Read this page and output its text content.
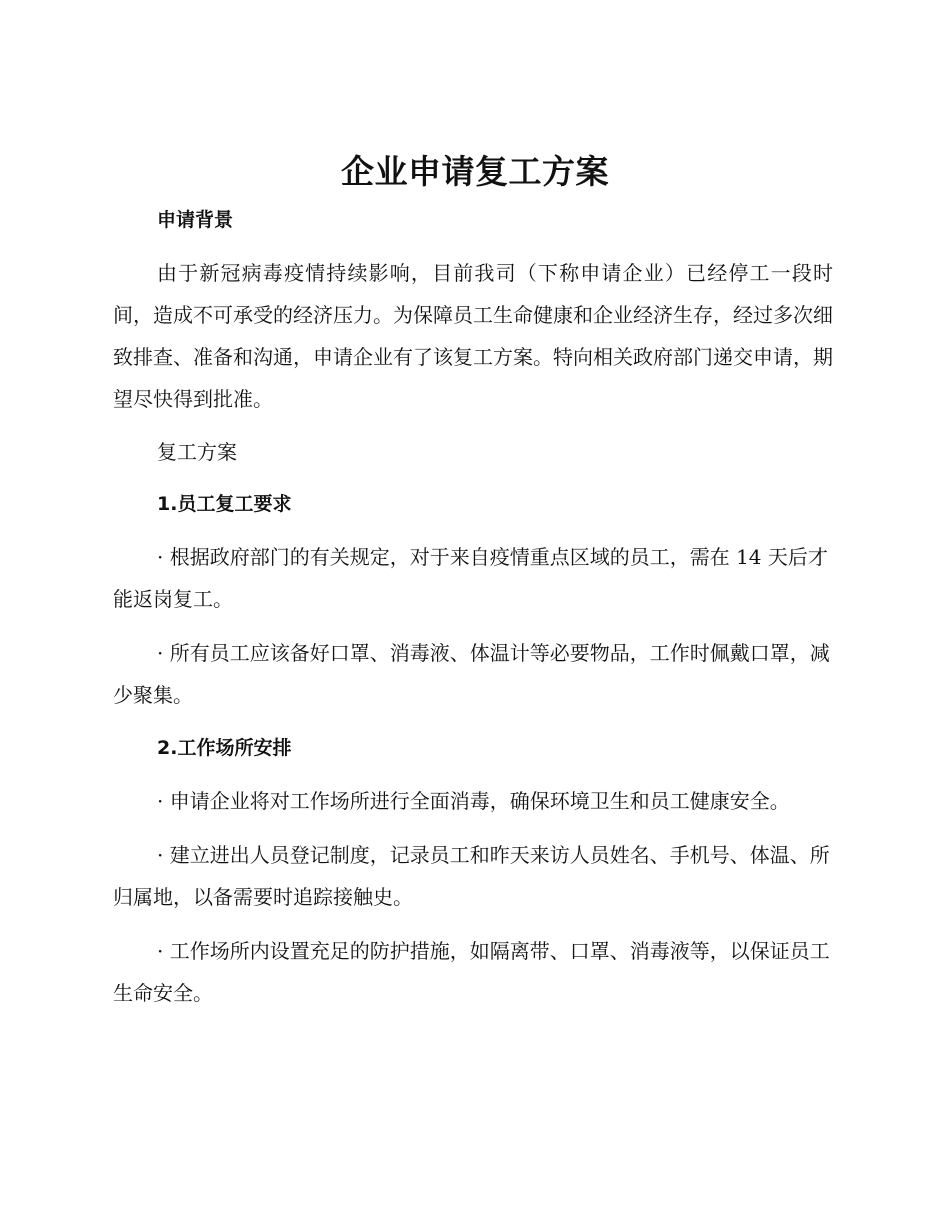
企业申请复工方案
申请背景

由于新冠病毒疫情持续影响，目前我司（下称申请企业）已经停工一段时间，造成不可承受的经济压力。为保障员工生命健康和企业经济生存，经过多次细致排查、准备和沟通，申请企业有了该复工方案。特向相关政府部门递交申请，期望尽快得到批准。

复工方案
1.员工复工要求

· 根据政府部门的有关规定，对于来自疫情重点区域的员工，需在 14 天后才能返岗复工。

· 所有员工应该备好口罩、消毒液、体温计等必要物品，工作时佩戴口罩，减少聚集。

2.工作场所安排

· 申请企业将对工作场所进行全面消毒，确保环境卫生和员工健康安全。

· 建立进出人员登记制度，记录员工和昨天来访人员姓名、手机号、体温、所归属地，以备需要时追踪接触史。

· 工作场所内设置充足的防护措施，如隔离带、口罩、消毒液等，以保证员工生命安全。
